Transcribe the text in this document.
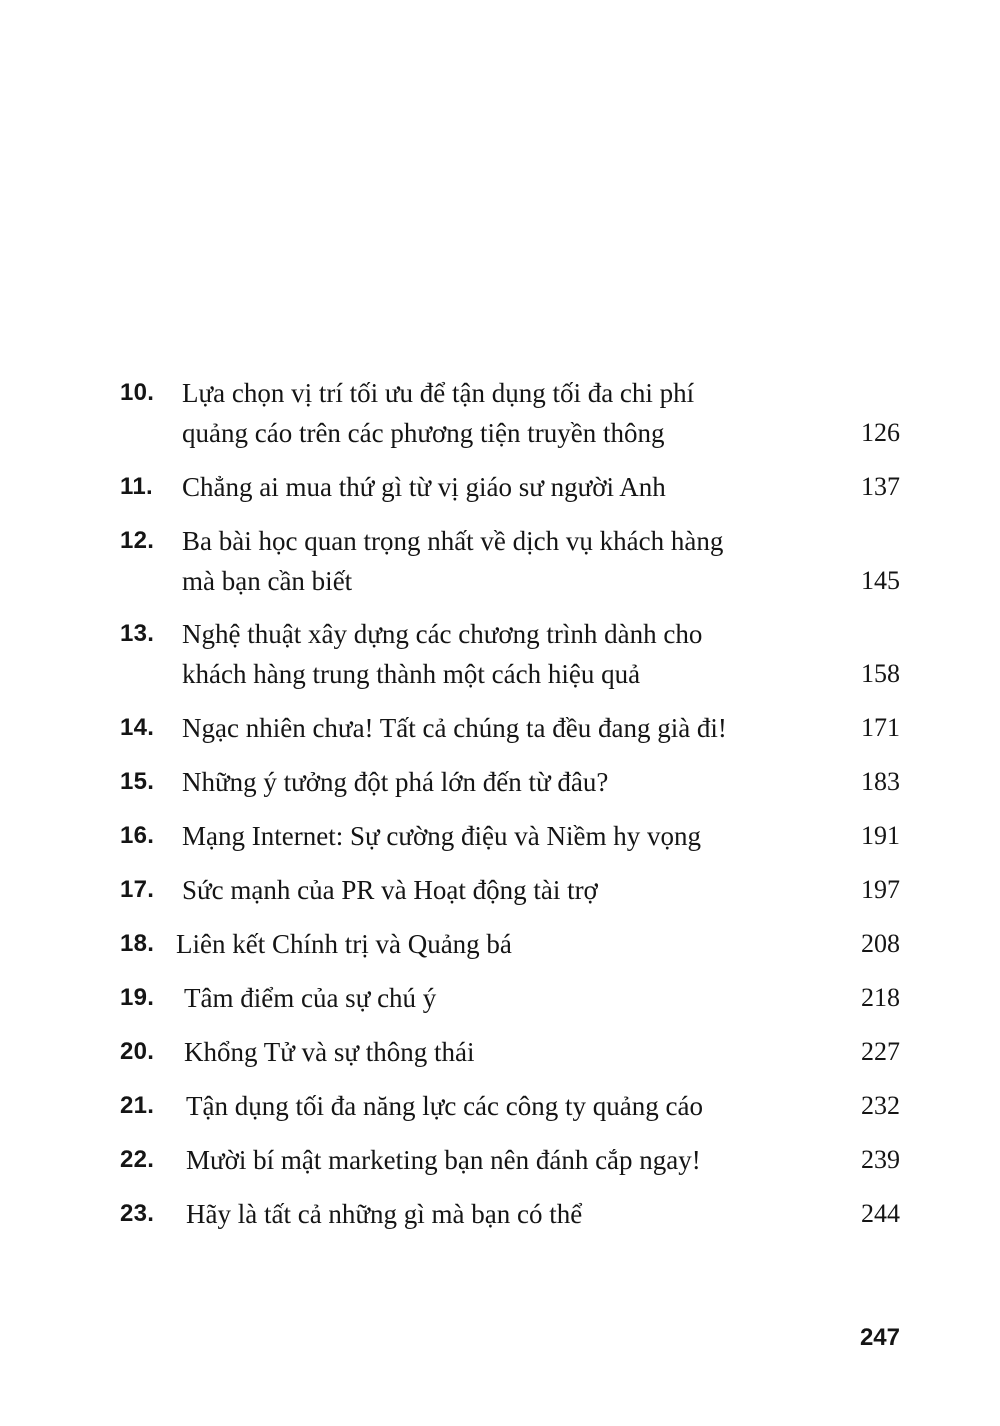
10.	Lựa chọn vị trí tối ưu để tận dụng tối đa chi phí
quảng cáo trên các phương tiện truyền thông	126
11.	Chẳng ai mua thứ gì từ vị giáo sư người Anh	137
12.	Ba bài học quan trọng nhất về dịch vụ khách hàng
mà bạn cần biết	145
13.	Nghệ thuật xây dựng các chương trình dành cho
khách hàng trung thành một cách hiệu quả	158
14.	Ngạc nhiên chưa! Tất cả chúng ta đều đang già đi!	171
15.	Những ý tưởng đột phá lớn đến từ đâu?	183
16.	Mạng Internet: Sự cường điệu và Niềm hy vọng	191
17.	Sức mạnh của PR và Hoạt động tài trợ	197
18. Liên kết Chính trị và Quảng bá	208
19.	Tâm điểm của sự chú ý	218
20.	Khổng Tử và sự thông thái	227
21.	Tận dụng tối đa năng lực các công ty quảng cáo	232
22.	Mười bí mật marketing bạn nên đánh cắp ngay!	239
23.	Hãy là tất cả những gì mà bạn có thể	244
247
